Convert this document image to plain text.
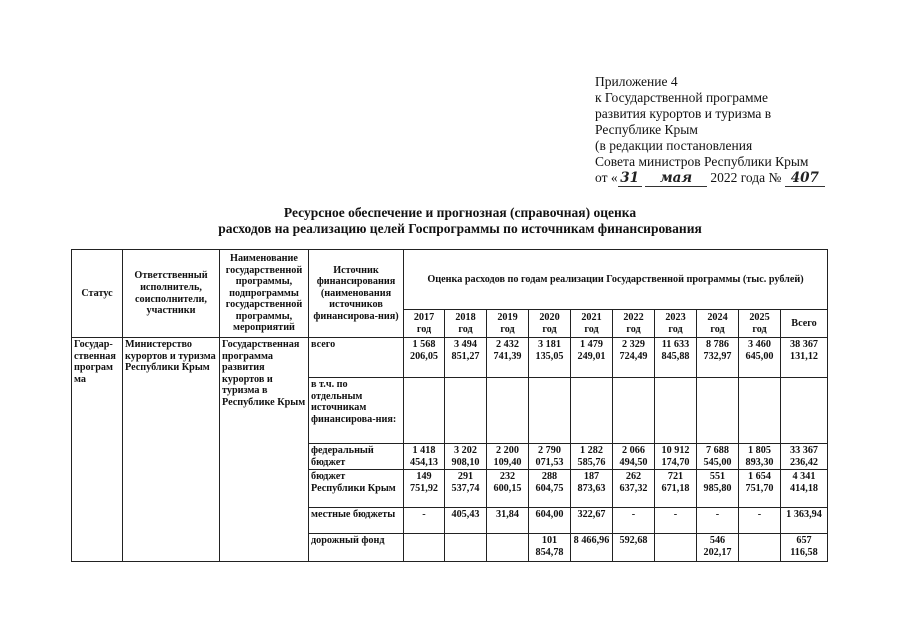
Приложение 4
к Государственной программе
развития курортов и туризма в
Республике Крым
(в редакции постановления
Совета министров Республики Крым
от « 31 мая 2022 года № 407
Ресурсное обеспечение и прогнозная (справочная) оценка
расходов на реализацию целей Госпрограммы по источникам финансирования
Статус	Ответственный исполнитель, соисполнители, участники	Наименование государственной программы, подпрограммы государственной программы, мероприятий	Источник финансирования (наименования источников финансирова-ния)	Оценка расходов по годам реализации Государственной программы (тыс. рублей)									
				2017 год	2018 год	2019 год	2020 год	2021 год	2022 год	2023 год	2024 год	2025 год	Всего
Государ-ственная програм ма	Министерство курортов и туризма Республики Крым	Государственная программа развития курортов и туризма в Республике Крым	всего	1 568 206,05	3 494 851,27	2 432 741,39	3 181 135,05	1 479 249,01	2 329 724,49	11 633 845,88	8 786 732,97	3 460 645,00	38 367 131,12
			в т.ч. по отдельным источникам финансирова-ния:										
			федеральный бюджет	1 418 454,13	3 202 908,10	2 200 109,40	2 790 071,53	1 282 585,76	2 066 494,50	10 912 174,70	7 688 545,00	1 805 893,30	33 367 236,42
			бюджет Республики Крым	149 751,92	291 537,74	232 600,15	288 604,75	187 873,63	262 637,32	721 671,18	551 985,80	1 654 751,70	4 341 414,18
			местные бюджеты	-	405,43	31,84	604,00	322,67	-	-	-	-	1 363,94
			дорожный фонд				101 854,78	8 466,96	592,68		546 202,17		657 116,58
